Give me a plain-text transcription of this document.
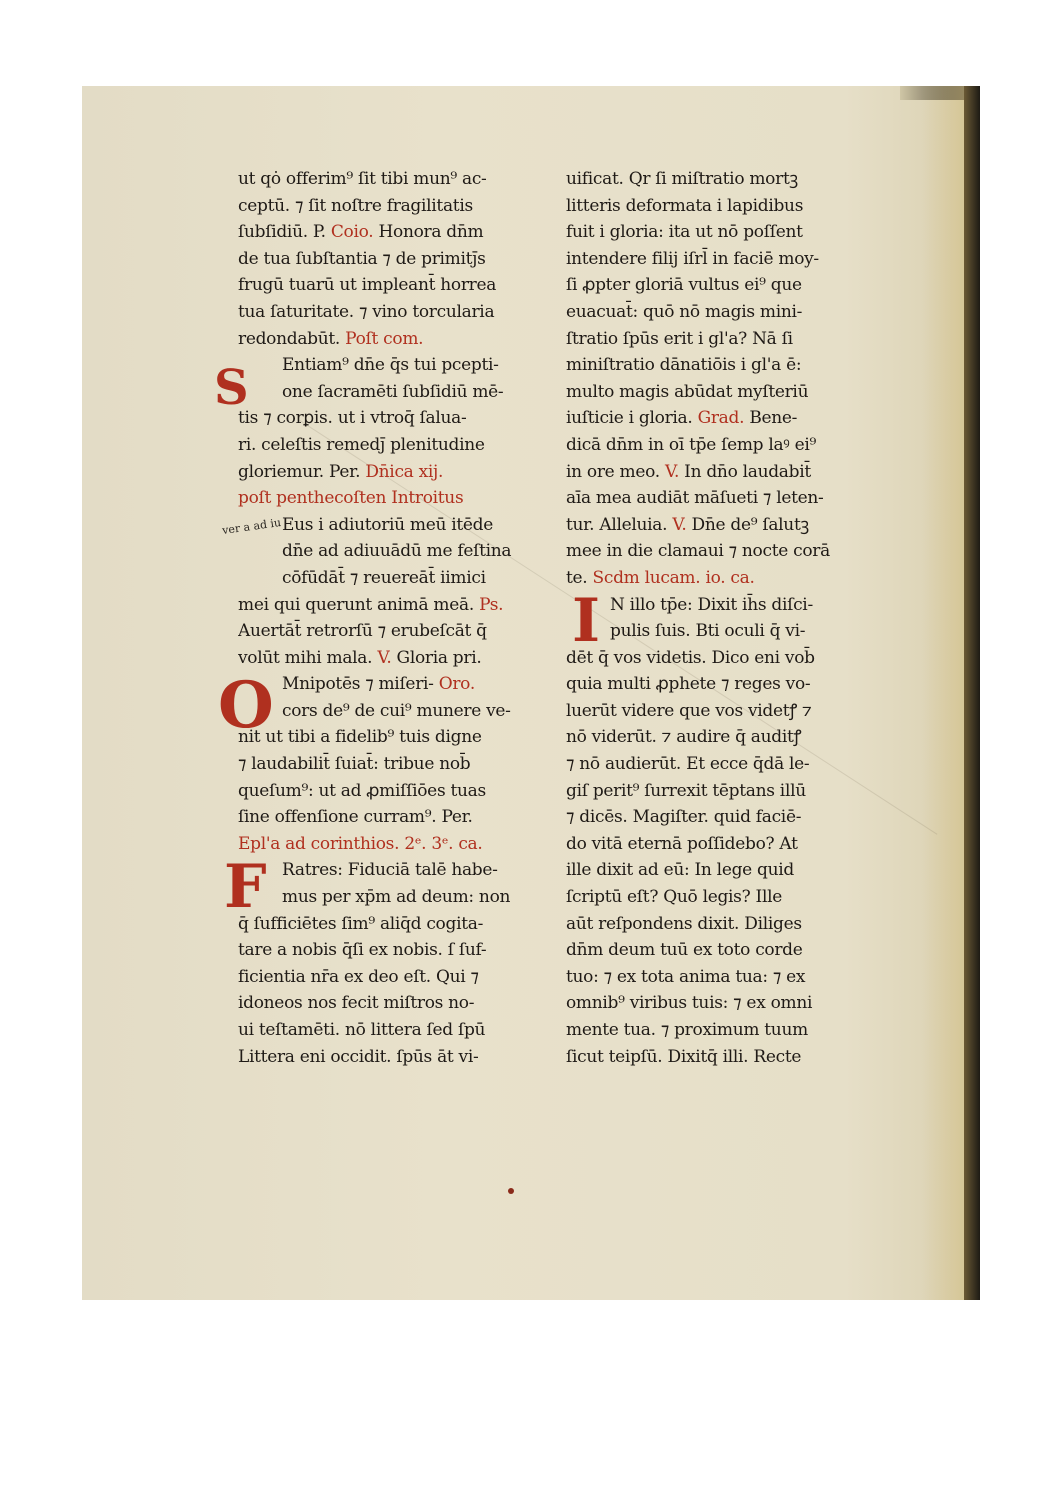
ut qȯ offerim⁹ ſit tibi mun⁹ ac-
ceptū. ⁊ ſit noſtre fragilitatis
ſubſidiū. P. Coio. Honora dn̄m
de tua ſubſtantia ⁊ de primitȷ̄s
frugū tuarū ut impleant̄ horrea
tua ſaturitate. ⁊ vino torcularia
redondabūt. Poſt com.
Entiam⁹ dn̄e q̄s tui pcepti-
one ſacramēti ſubſidiū mē-
tis ⁊ corꝑis. ut i vtroq̄ ſalua-
ri. celeſtis remedȷ̄ plenitudine
gloriemur. Per. Dn̄ica xij.
poſt penthecoſten Introitus
Eus i adiutoriū meū itēde
dn̄e ad adiuuādū me feſtina
cōfūdāt̄ ⁊ reuereāt̄ iimici
mei qui querunt animā meā. Ps.
Auertāt̄ retrorſū ⁊ erubeſcāt q̄
volūt mihi mala. V. Gloria pri.
Mnipotēs ⁊ miſeri- Oro.
cors de⁹ de cui⁹ munere ve-
nit ut tibi a fidelib⁹ tuis digne
⁊ laudabilit̄ ſuiat̄: tribue nob̄
queſum⁹: ut ad ꝓmiſſiōes tuas
ſine offenſione curram⁹. Per.
Epl'a ad corinthios. 2ᵉ. 3ᵉ. ca.
Ratres: Fiduciā talē habe-
mus per xp̄m ad deum: non
q̄ ſufficiētes ſim⁹ aliq̄d cogita-
tare a nobis q̄ſi ex nobis. ſ ſuf-
ficientia nr̄a ex deo eſt. Qui ⁊
idoneos nos fecit miſtros no-
ui teſtamēti. nō littera ſed ſpū
Littera eni occidit. ſpūs āt vi-
uificat. Qr ſi miſtratio mortꝫ
litteris deformata i lapidibus
fuit i gloria: ita ut nō poſſent
intendere filij iſrl̄ in faciē moy-
ſi ꝓpter gloriā vultus ei⁹ que
euacuat̄: quō nō magis mini-
ſtratio ſpūs erit i gl'a? Nā ſi
miniſtratio dānatiōis i gl'a ē:
multo magis abūdat myſteriū
iuſticie i gloria. Grad. Bene-
dicā dn̄m in oī tp̄e ſemp laꝰ ei⁹
in ore meo. V. In dn̄o laudabit̄
aīa mea audiāt māſueti ⁊ leten-
tur. Alleluia. V. Dn̄e de⁹ ſalutꝫ
mee in die clamaui ⁊ nocte corā
te. Scdm lucam. io. ca.
N illo tp̄e: Dixit ih̄s diſci-
pulis ſuis. Bti oculi q̄ vi-
dēt q̄ vos videtis. Dico eni vob̄
quia multi ꝓphete ⁊ reges vo-
luerūt videre que vos videtꝭ ⁊
nō viderūt. ⁊ audire q̄ auditꝭ
⁊ nō audierūt. Et ecce q̄dā le-
giſ perit⁹ ſurrexit tēptans illū
⁊ dicēs. Magiſter. quid faciē-
do vitā eternā poſſidebo? At
ille dixit ad eū: In lege quid
ſcriptū eſt? Quō legis? Ille
aūt reſpondens dixit. Diliges
dn̄m deum tuū ex toto corde
tuo: ⁊ ex tota anima tua: ⁊ ex
omnib⁹ viribus tuis: ⁊ ex omni
mente tua. ⁊ proximum tuum
ſicut teipſū. Dixitq̄ illi. Recte
S
O
F
I
ver a ad iu
